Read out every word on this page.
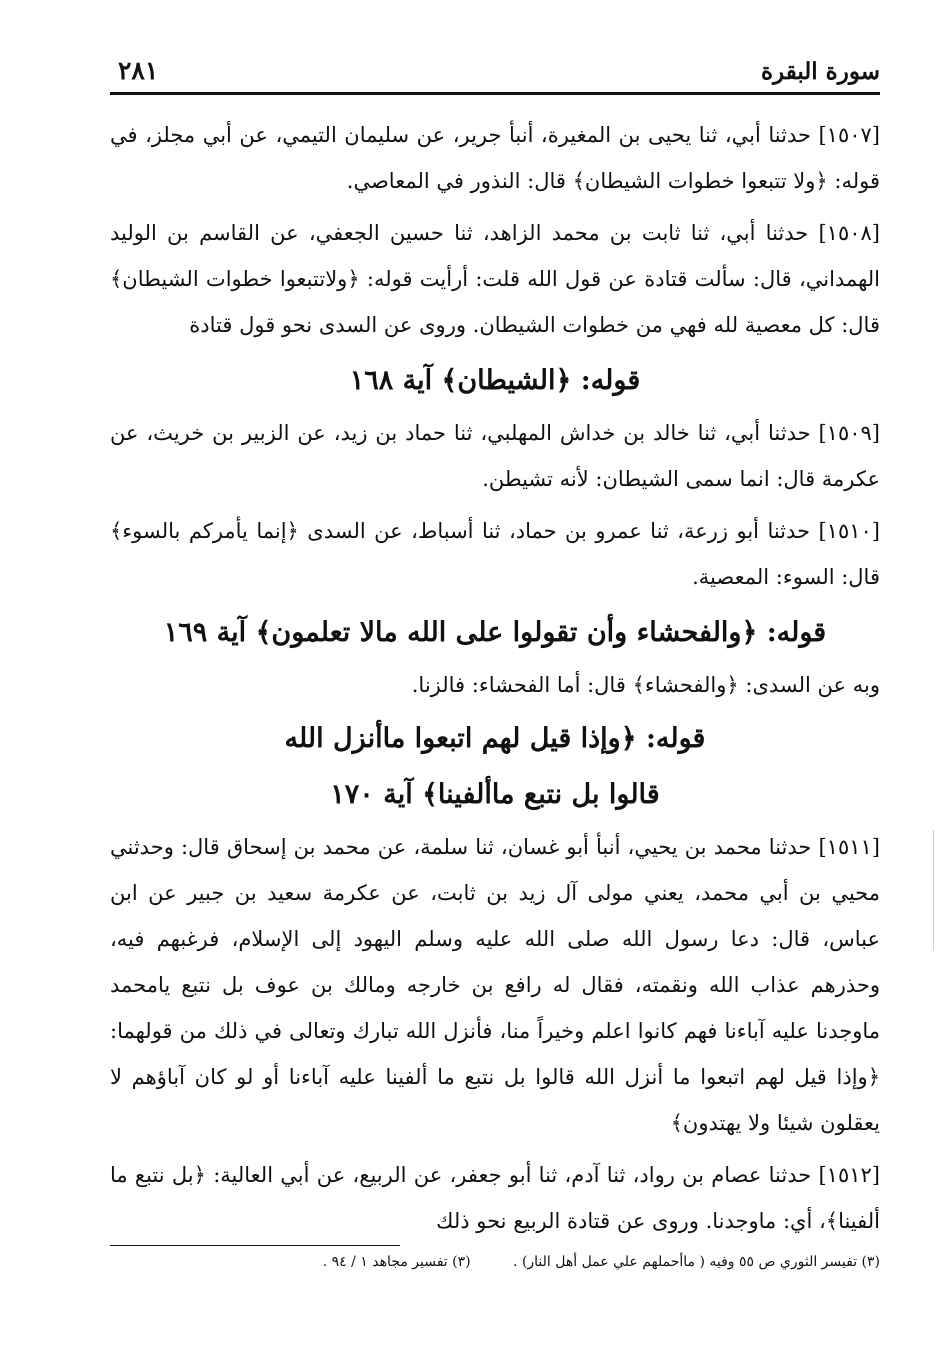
سورة البقرة
٢٨١

[١٥٠٧] حدثنا أبي، ثنا يحيى بن المغيرة، أنبأ جرير، عن سليمان التيمي، عن أبي مجلز، في قوله: ﴿ولا تتبعوا خطوات الشيطان﴾ قال: النذور في المعاصي.

[١٥٠٨] حدثنا أبي، ثنا ثابت بن محمد الزاهد، ثنا حسين الجعفي، عن القاسم بن الوليد الهمداني، قال: سألت قتادة عن قول الله قلت: أرأيت قوله: ﴿ولاتتبعوا خطوات الشيطان﴾ قال: كل معصية لله فهي من خطوات الشيطان. وروى عن السدى نحو قول قتادة

قوله: ﴿الشيطان﴾ آية ١٦٨

[١٥٠٩] حدثنا أبي، ثنا خالد بن خداش المهلبي، ثنا حماد بن زيد، عن الزبير بن خريث، عن عكرمة قال: انما سمى الشيطان: لأنه تشيطن.

[١٥١٠] حدثنا أبو زرعة، ثنا عمرو بن حماد، ثنا أسباط، عن السدى ﴿إنما يأمركم بالسوء﴾ قال: السوء: المعصية.

قوله: ﴿والفحشاء وأن تقولوا على الله مالا تعلمون﴾ آية ١٦٩

وبه عن السدى: ﴿والفحشاء﴾ قال: أما الفحشاء: فالزنا.

قوله: ﴿وإذا قيل لهم اتبعوا ماأنزل الله
قالوا بل نتبع ماألفينا﴾ آية ١٧٠

[١٥١١] حدثنا محمد بن يحيي، أنبأ أبو غسان، ثنا سلمة، عن محمد بن إسحاق قال: وحدثني محيي بن أبي محمد، يعني مولى آل زيد بن ثابت، عن عكرمة سعيد بن جبير عن ابن عباس، قال: دعا رسول الله صلى الله عليه وسلم اليهود إلى الإسلام، فرغبهم فيه، وحذرهم عذاب الله ونقمته، فقال له رافع بن خارجه ومالك بن عوف بل نتبع يامحمد ماوجدنا عليه آباءنا فهم كانوا اعلم وخيراً منا، فأنزل الله تبارك وتعالى في ذلك من قولهما: ﴿وإذا قيل لهم اتبعوا ما أنزل الله قالوا بل نتبع ما ألفينا عليه آباءنا أو لو كان آباؤهم لا يعقلون شيئا ولا يهتدون﴾

[١٥١٢] حدثنا عصام بن رواد، ثنا آدم، ثنا أبو جعفر، عن الربيع، عن أبي العالية: ﴿بل نتبع ما ألفينا﴾، أي: ماوجدنا. وروى عن قتادة الربيع نحو ذلك

(٣) تفيسر الثوري ص ٥٥ وفيه ( ماأحملهم علي عمل أهل النار) . (٣) تفسير مجاهد ١ / ٩٤ .
